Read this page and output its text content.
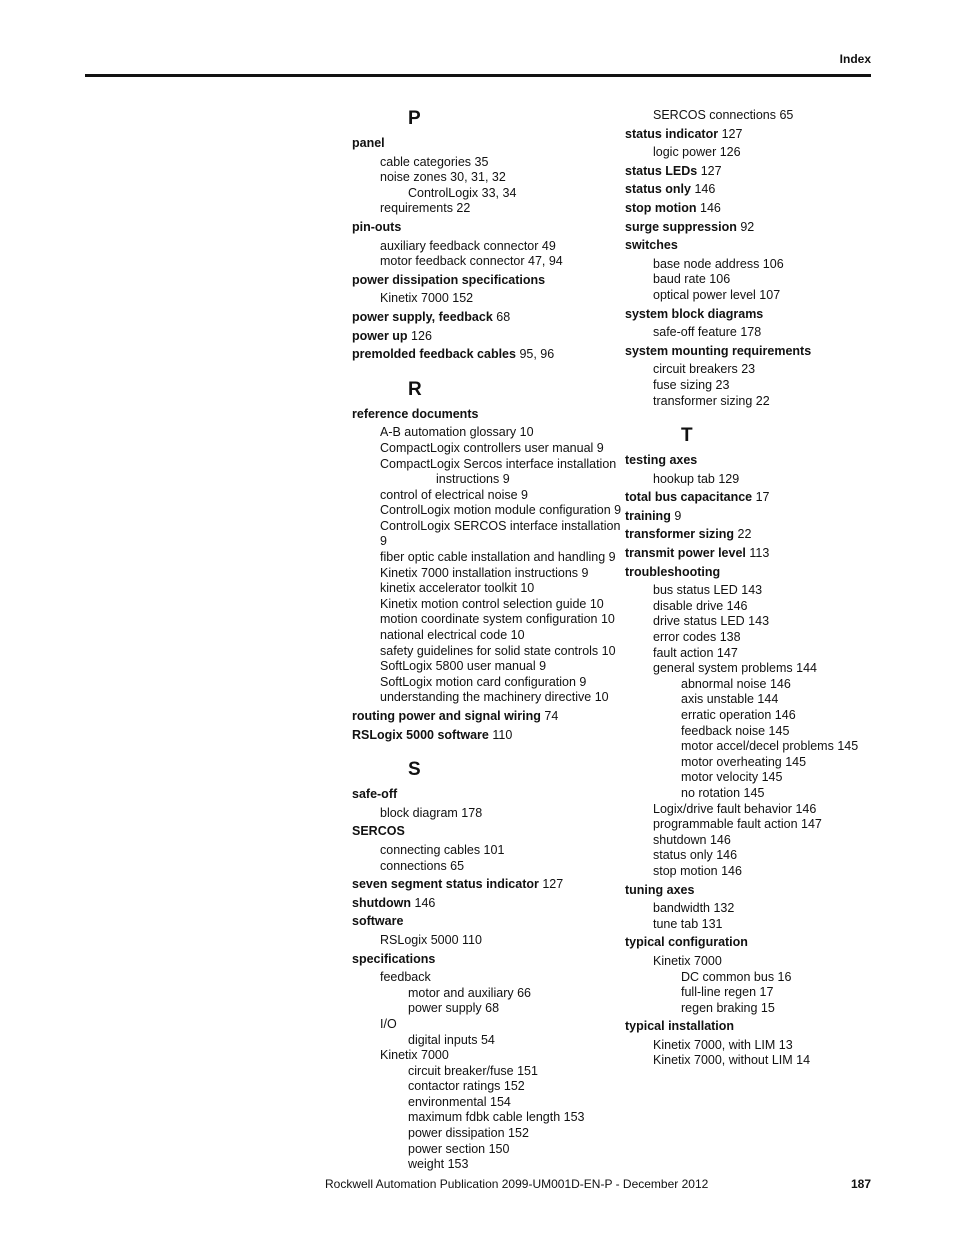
Index
P
panel
cable categories 35
noise zones 30, 31, 32
ControlLogix 33, 34
requirements 22
pin-outs
auxiliary feedback connector 49
motor feedback connector 47, 94
power dissipation specifications
Kinetix 7000 152
power supply, feedback 68
power up 126
premolded feedback cables 95, 96
R
reference documents
A-B automation glossary 10
CompactLogix controllers user manual 9
CompactLogix Sercos interface installation
instructions 9
control of electrical noise 9
ControlLogix motion module configuration 9
ControlLogix SERCOS interface installation 9
fiber optic cable installation and handling 9
Kinetix 7000 installation instructions 9
kinetix accelerator toolkit 10
Kinetix motion control selection guide 10
motion coordinate system configuration 10
national electrical code 10
safety guidelines for solid state controls 10
SoftLogix 5800 user manual 9
SoftLogix motion card configuration 9
understanding the machinery directive 10
routing power and signal wiring 74
RSLogix 5000 software 110
S
safe-off
block diagram 178
SERCOS
connecting cables 101
connections 65
seven segment status indicator 127
shutdown 146
software
RSLogix 5000 110
specifications
feedback
motor and auxiliary 66
power supply 68
I/O
digital inputs 54
Kinetix 7000
circuit breaker/fuse 151
contactor ratings 152
environmental 154
maximum fdbk cable length 153
power dissipation 152
power section 150
weight 153
SERCOS connections 65
status indicator 127
logic power 126
status LEDs 127
status only 146
stop motion 146
surge suppression 92
switches
base node address 106
baud rate 106
optical power level 107
system block diagrams
safe-off feature 178
system mounting requirements
circuit breakers 23
fuse sizing 23
transformer sizing 22
T
testing axes
hookup tab 129
total bus capacitance 17
training 9
transformer sizing 22
transmit power level 113
troubleshooting
bus status LED 143
disable drive 146
drive status LED 143
error codes 138
fault action 147
general system problems 144
abnormal noise 146
axis unstable 144
erratic operation 146
feedback noise 145
motor accel/decel problems 145
motor overheating 145
motor velocity 145
no rotation 145
Logix/drive fault behavior 146
programmable fault action 147
shutdown 146
status only 146
stop motion 146
tuning axes
bandwidth 132
tune tab 131
typical configuration
Kinetix 7000
DC common bus 16
full-line regen 17
regen braking 15
typical installation
Kinetix 7000, with LIM 13
Kinetix 7000, without LIM 14
Rockwell Automation Publication 2099-UM001D-EN-P - December 2012	187
